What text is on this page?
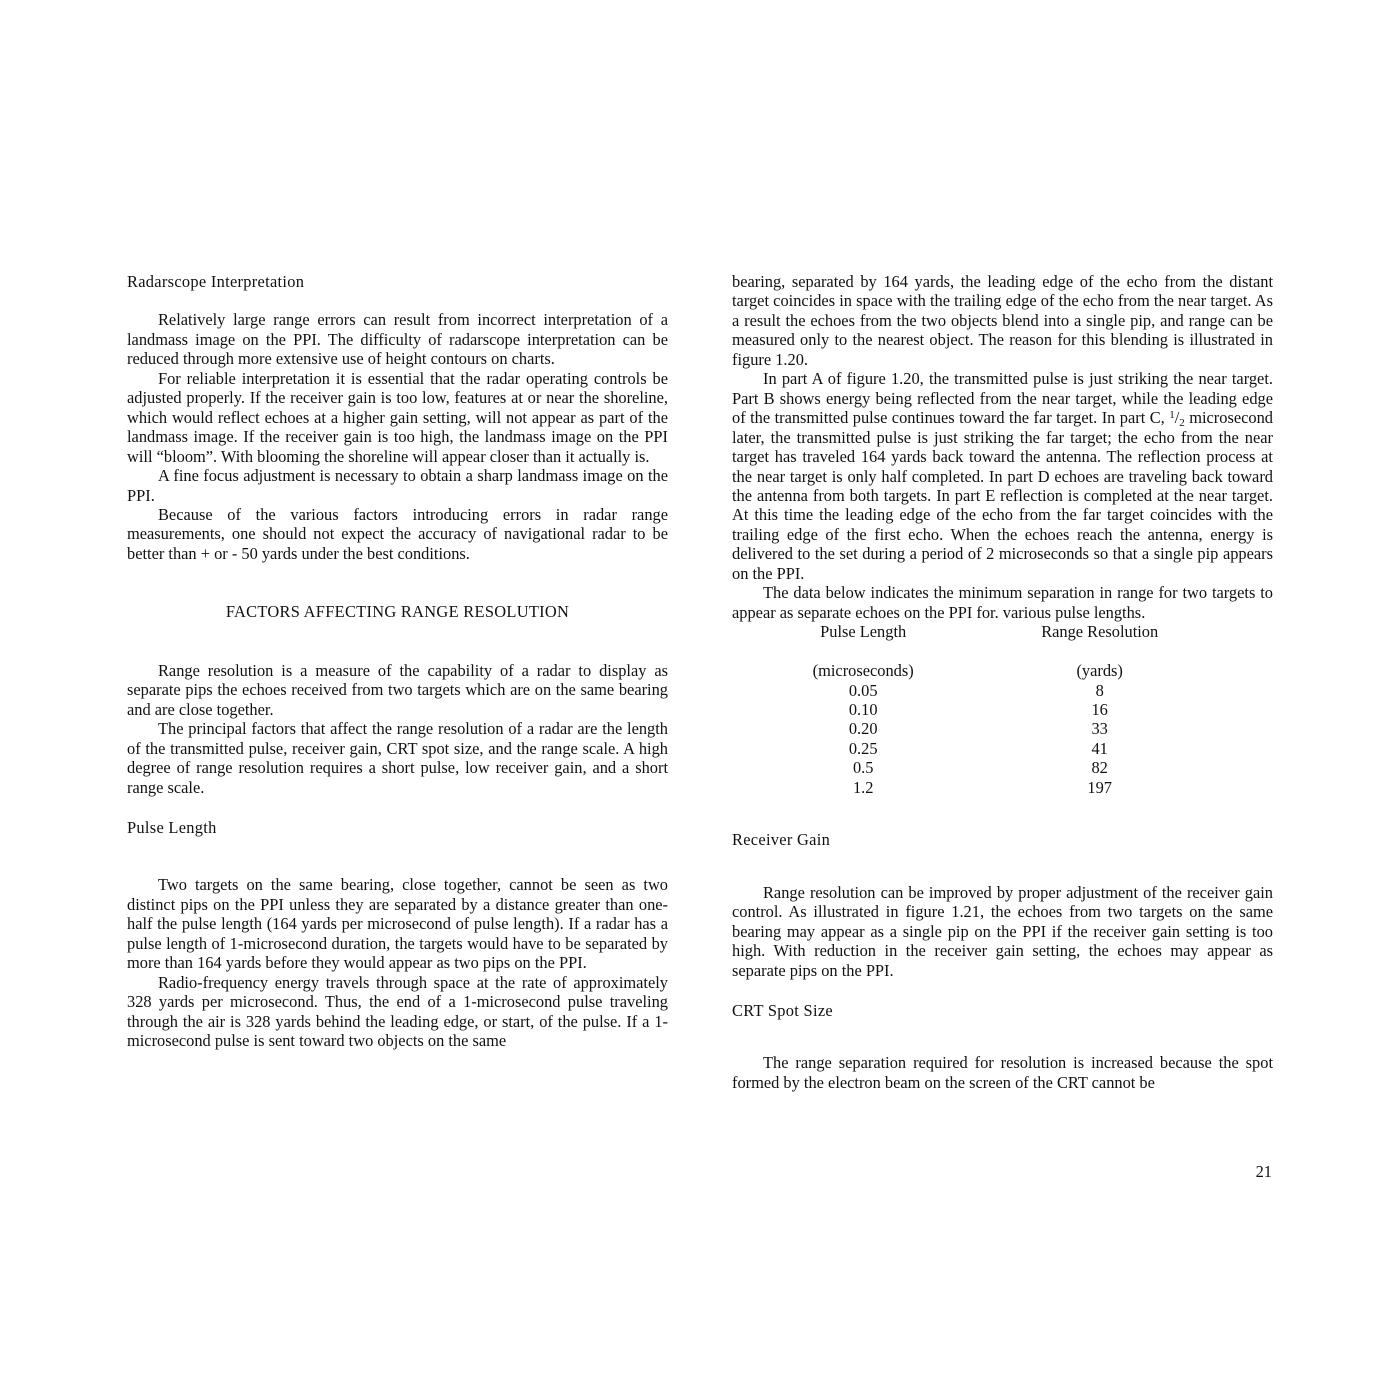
Radarscope Interpretation

Relatively large range errors can result from incorrect interpretation of a landmass image on the PPI. The difficulty of radarscope interpretation can be reduced through more extensive use of height contours on charts.

For reliable interpretation it is essential that the radar operating controls be adjusted properly. If the receiver gain is too low, features at or near the shoreline, which would reflect echoes at a higher gain setting, will not appear as part of the landmass image. If the receiver gain is too high, the landmass image on the PPI will “bloom”. With blooming the shoreline will appear closer than it actually is.

A fine focus adjustment is necessary to obtain a sharp landmass image on the PPI.

Because of the various factors introducing errors in radar range measurements, one should not expect the accuracy of navigational radar to be better than + or - 50 yards under the best conditions.

FACTORS AFFECTING RANGE RESOLUTION

Range resolution is a measure of the capability of a radar to display as separate pips the echoes received from two targets which are on the same bearing and are close together.

The principal factors that affect the range resolution of a radar are the length of the transmitted pulse, receiver gain, CRT spot size, and the range scale. A high degree of range resolution requires a short pulse, low receiver gain, and a short range scale.

Pulse Length

Two targets on the same bearing, close together, cannot be seen as two distinct pips on the PPI unless they are separated by a distance greater than one-half the pulse length (164 yards per microsecond of pulse length). If a radar has a pulse length of 1-microsecond duration, the targets would have to be separated by more than 164 yards before they would appear as two pips on the PPI.

Radio-frequency energy travels through space at the rate of approximately 328 yards per microsecond. Thus, the end of a 1-microsecond pulse traveling through the air is 328 yards behind the leading edge, or start, of the pulse. If a 1-microsecond pulse is sent toward two objects on the same

bearing, separated by 164 yards, the leading edge of the echo from the distant target coincides in space with the trailing edge of the echo from the near target. As a result the echoes from the two objects blend into a single pip, and range can be measured only to the nearest object. The reason for this blending is illustrated in figure 1.20.

In part A of figure 1.20, the transmitted pulse is just striking the near target. Part B shows energy being reflected from the near target, while the leading edge of the transmitted pulse continues toward the far target. In part C, $^1/_2$ microsecond later, the transmitted pulse is just striking the far target; the echo from the near target has traveled 164 yards back toward the antenna. The reflection process at the near target is only half completed. In part D echoes are traveling back toward the antenna from both targets. In part E reflection is completed at the near target. At this time the leading edge of the echo from the far target coincides with the trailing edge of the first echo. When the echoes reach the antenna, energy is delivered to the set during a period of 2 microseconds so that a single pip appears on the PPI.

The data below indicates the minimum separation in range for two targets to appear as separate echoes on the PPI for. various pulse lengths.

Pulse Length	Range Resolution

(microseconds)	(yards)
0.05	8
0.10	16
0.20	33
0.25	41
0.5	82
1.2	197

Receiver Gain

Range resolution can be improved by proper adjustment of the receiver gain control. As illustrated in figure 1.21, the echoes from two targets on the same bearing may appear as a single pip on the PPI if the receiver gain setting is too high. With reduction in the receiver gain setting, the echoes may appear as separate pips on the PPI.

CRT Spot Size

The range separation required for resolution is increased because the spot formed by the electron beam on the screen of the CRT cannot be

21
